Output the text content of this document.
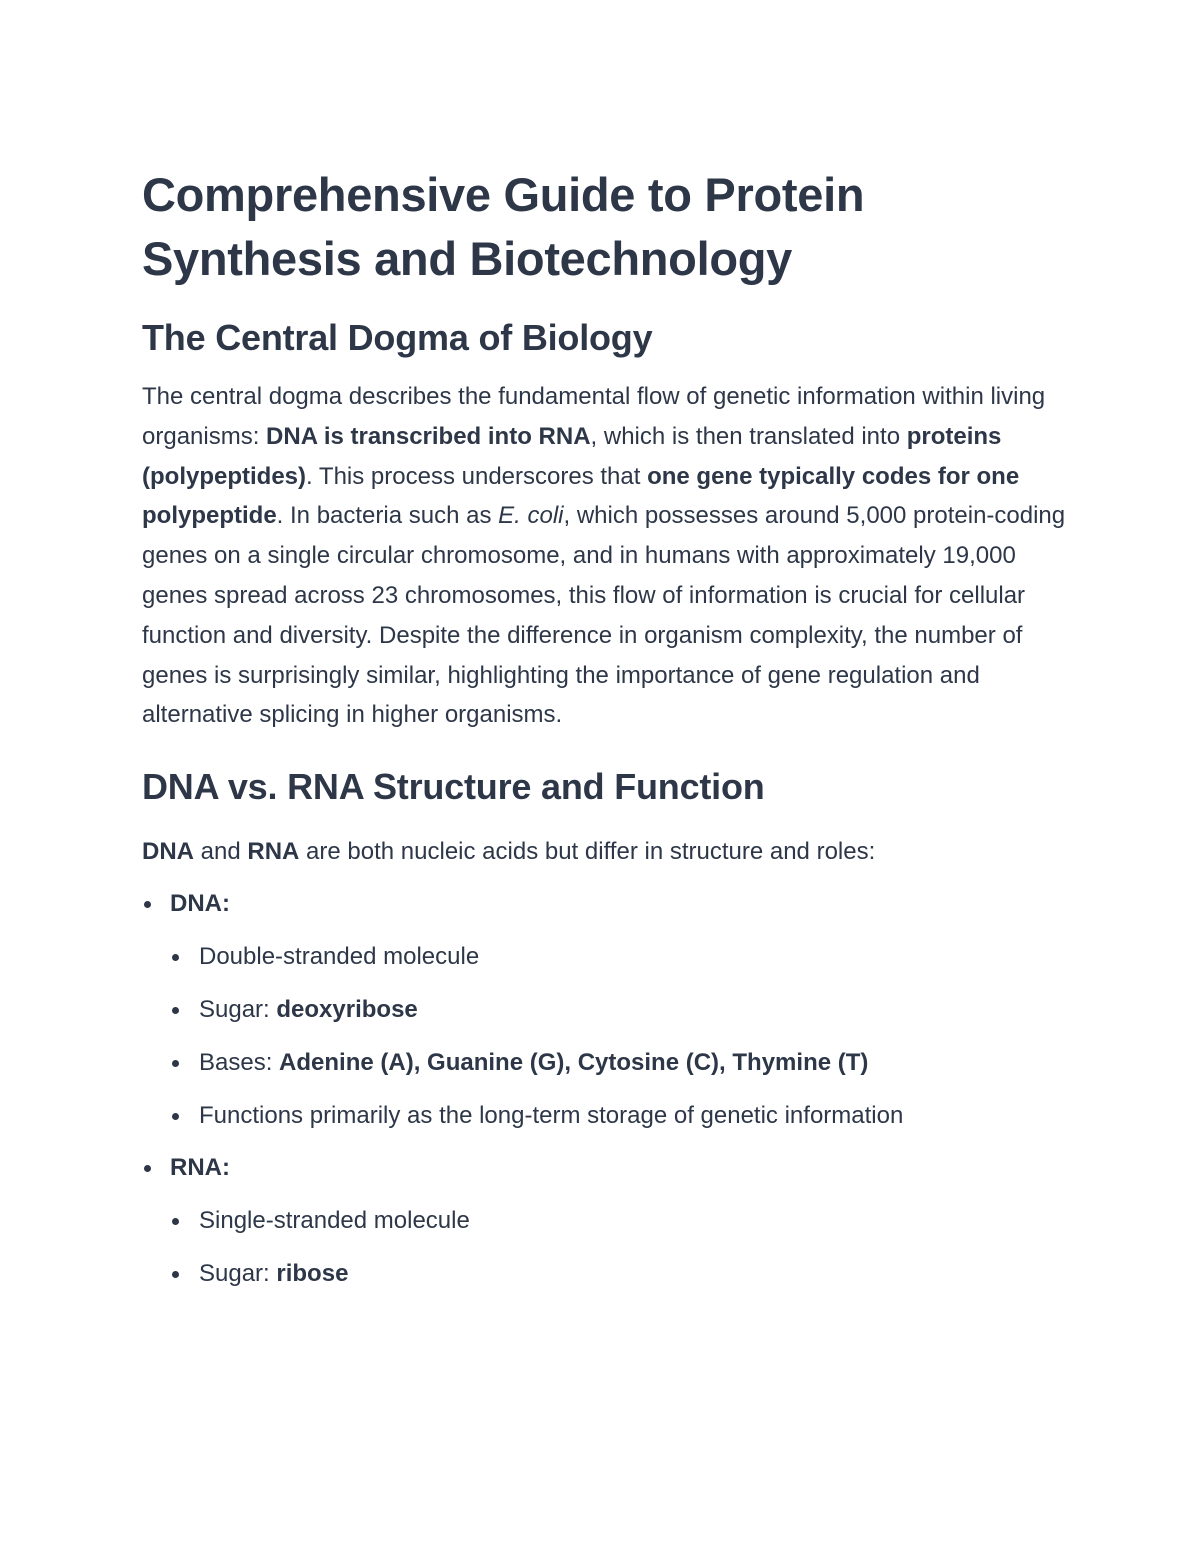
Comprehensive Guide to Protein Synthesis and Biotechnology
The Central Dogma of Biology

The central dogma describes the fundamental flow of genetic information within living organisms: DNA is transcribed into RNA, which is then translated into proteins (polypeptides). This process underscores that one gene typically codes for one polypeptide. In bacteria such as E. coli, which possesses around 5,000 protein-coding genes on a single circular chromosome, and in humans with approximately 19,000 genes spread across 23 chromosomes, this flow of information is crucial for cellular function and diversity. Despite the difference in organism complexity, the number of genes is surprisingly similar, highlighting the importance of gene regulation and alternative splicing in higher organisms.

DNA vs. RNA Structure and Function

DNA and RNA are both nucleic acids but differ in structure and roles:

DNA:
Double-stranded molecule
Sugar: deoxyribose
Bases: Adenine (A), Guanine (G), Cytosine (C), Thymine (T)
Functions primarily as the long-term storage of genetic information
RNA:
Single-stranded molecule
Sugar: ribose
